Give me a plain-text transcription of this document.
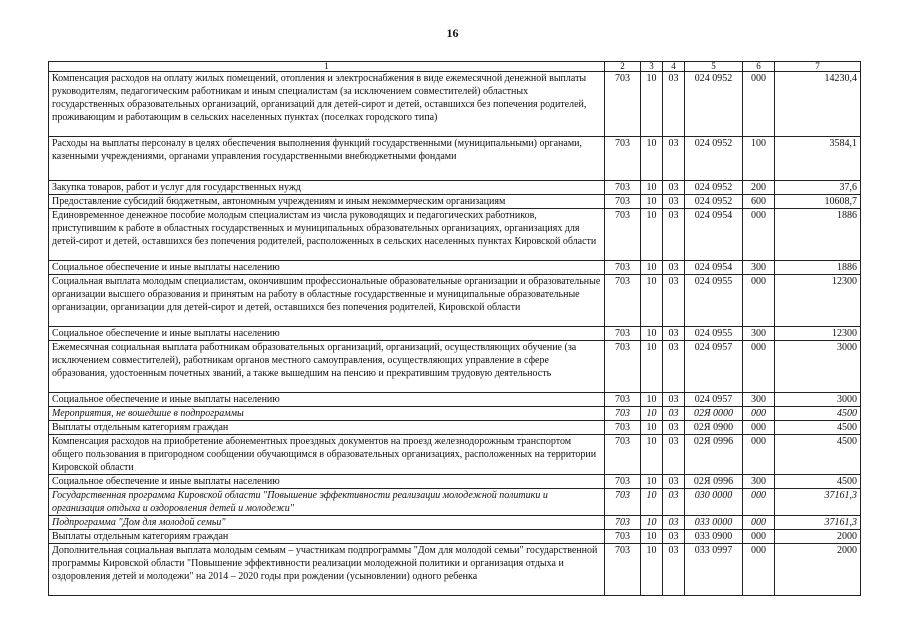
16
1	2	3	4	5	6	7
Компенсация расходов на оплату жилых помещений, отопления и электроснабжения в виде ежемесячной денежной выплаты руководителям, педагогическим работникам и иным специалистам (за исключением совместителей) областных государственных образовательных организаций, организаций для детей-сирот и детей, оставшихся без попечения родителей, проживающим и работающим в сельских населенных пунктах (поселках городского типа)	703	10	03	024 0952	000	14230,4
Расходы на выплаты персоналу в целях обеспечения выполнения функций государственными (муниципальными) органами, казенными учреждениями, органами управления государственными внебюджетными фондами	703	10	03	024 0952	100	3584,1
Закупка товаров, работ и услуг для государственных нужд	703	10	03	024 0952	200	37,6
Предоставление субсидий бюджетным, автономным учреждениям и иным некоммерческим организациям	703	10	03	024 0952	600	10608,7
Единовременное денежное пособие молодым специалистам из числа руководящих и педагогических работников, приступившим к работе в областных государственных и муниципальных образовательных организациях, организациях для детей-сирот и детей, оставшихся без попечения родителей, расположенных в сельских населенных пунктах Кировской области	703	10	03	024 0954	000	1886
Социальное обеспечение и иные выплаты населению	703	10	03	024 0954	300	1886
Социальная выплата молодым специалистам, окончившим профессиональные образовательные организации и образовательные организации высшего образования и принятым на работу в областные государственные и муниципальные образовательные организации, организации для детей-сирот и детей, оставшихся без попечения родителей, Кировской области	703	10	03	024 0955	000	12300
Социальное обеспечение и иные выплаты населению	703	10	03	024 0955	300	12300
Ежемесячная социальная выплата работникам образовательных организаций, организаций, осуществляющих обучение (за исключением совместителей), работникам органов местного самоуправления, осуществляющих управление в сфере образования, удостоенным почетных званий, а также вышедшим на пенсию и прекратившим трудовую деятельность	703	10	03	024 0957	000	3000
Социальное обеспечение и иные выплаты населению	703	10	03	024 0957	300	3000
Мероприятия, не вошедшие в подпрограммы	703	10	03	02Я 0000	000	4500
Выплаты отдельным категориям граждан	703	10	03	02Я 0900	000	4500
Компенсация расходов на приобретение абонементных проездных документов на проезд железнодорожным транспортом общего пользования в пригородном сообщении обучающимся в образовательных организациях, расположенных на территории Кировской области	703	10	03	02Я 0996	000	4500
Социальное обеспечение и иные выплаты населению	703	10	03	02Я 0996	300	4500
Государственная программа Кировской области "Повышение эффективности реализации молодежной политики и организация отдыха и оздоровления детей и молодежи"	703	10	03	030 0000	000	37161,3
Подпрограмма "Дом для молодой семьи"	703	10	03	033 0000	000	37161,3
Выплаты отдельным категориям граждан	703	10	03	033 0900	000	2000
Дополнительная социальная выплата молодым семьям – участникам подпрограммы "Дом для молодой семьи" государственной программы Кировской области "Повышение эффективности реализации молодежной политики и организация отдыха и оздоровления детей и молодежи" на 2014 – 2020 годы при рождении (усыновлении) одного ребенка	703	10	03	033 0997	000	2000
